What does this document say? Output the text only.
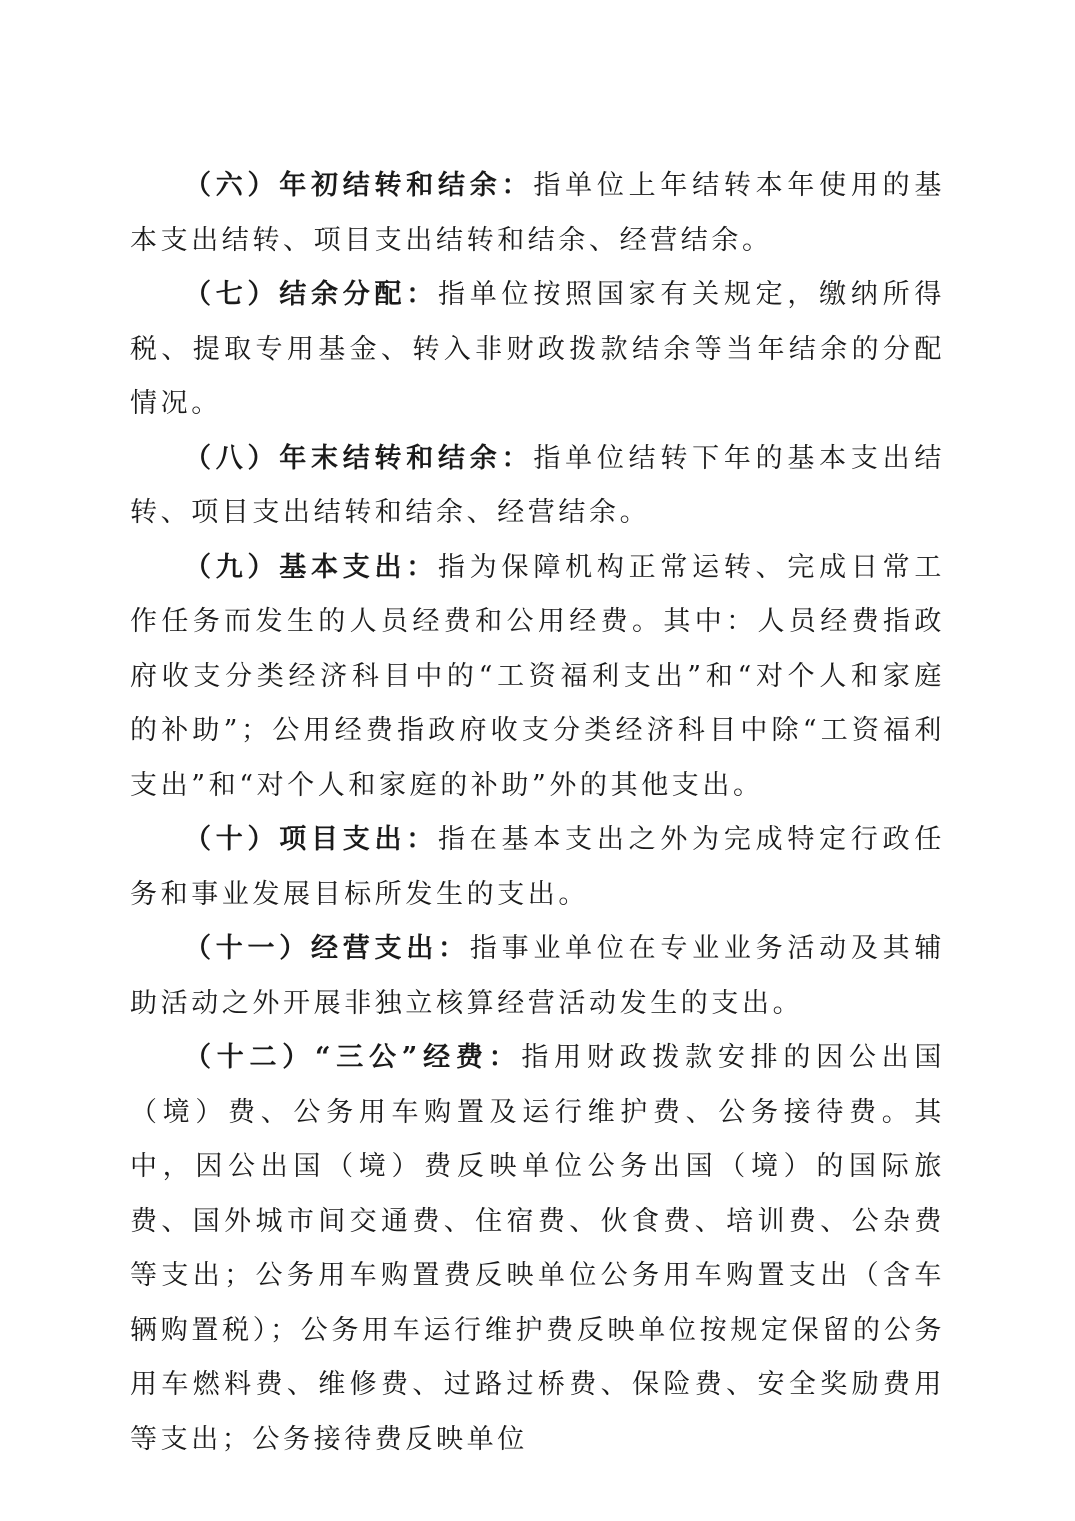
（六）年初结转和结余：指单位上年结转本年使用的基本支出结转、项目支出结转和结余、经营结余。

（七）结余分配：指单位按照国家有关规定，缴纳所得税、提取专用基金、转入非财政拨款结余等当年结余的分配情况。

（八）年末结转和结余：指单位结转下年的基本支出结转、项目支出结转和结余、经营结余。

（九）基本支出：指为保障机构正常运转、完成日常工作任务而发生的人员经费和公用经费。其中：人员经费指政府收支分类经济科目中的“工资福利支出”和“对个人和家庭的补助”；公用经费指政府收支分类经济科目中除“工资福利支出”和“对个人和家庭的补助”外的其他支出。

（十）项目支出：指在基本支出之外为完成特定行政任务和事业发展目标所发生的支出。

（十一）经营支出：指事业单位在专业业务活动及其辅助活动之外开展非独立核算经营活动发生的支出。

（十二）“三公”经费：指用财政拨款安排的因公出国（境）费、公务用车购置及运行维护费、公务接待费。其中，因公出国（境）费反映单位公务出国（境）的国际旅费、国外城市间交通费、住宿费、伙食费、培训费、公杂费等支出；公务用车购置费反映单位公务用车购置支出（含车辆购置税）；公务用车运行维护费反映单位按规定保留的公务用车燃料费、维修费、过路过桥费、保险费、安全奖励费用等支出；公务接待费反映单位
